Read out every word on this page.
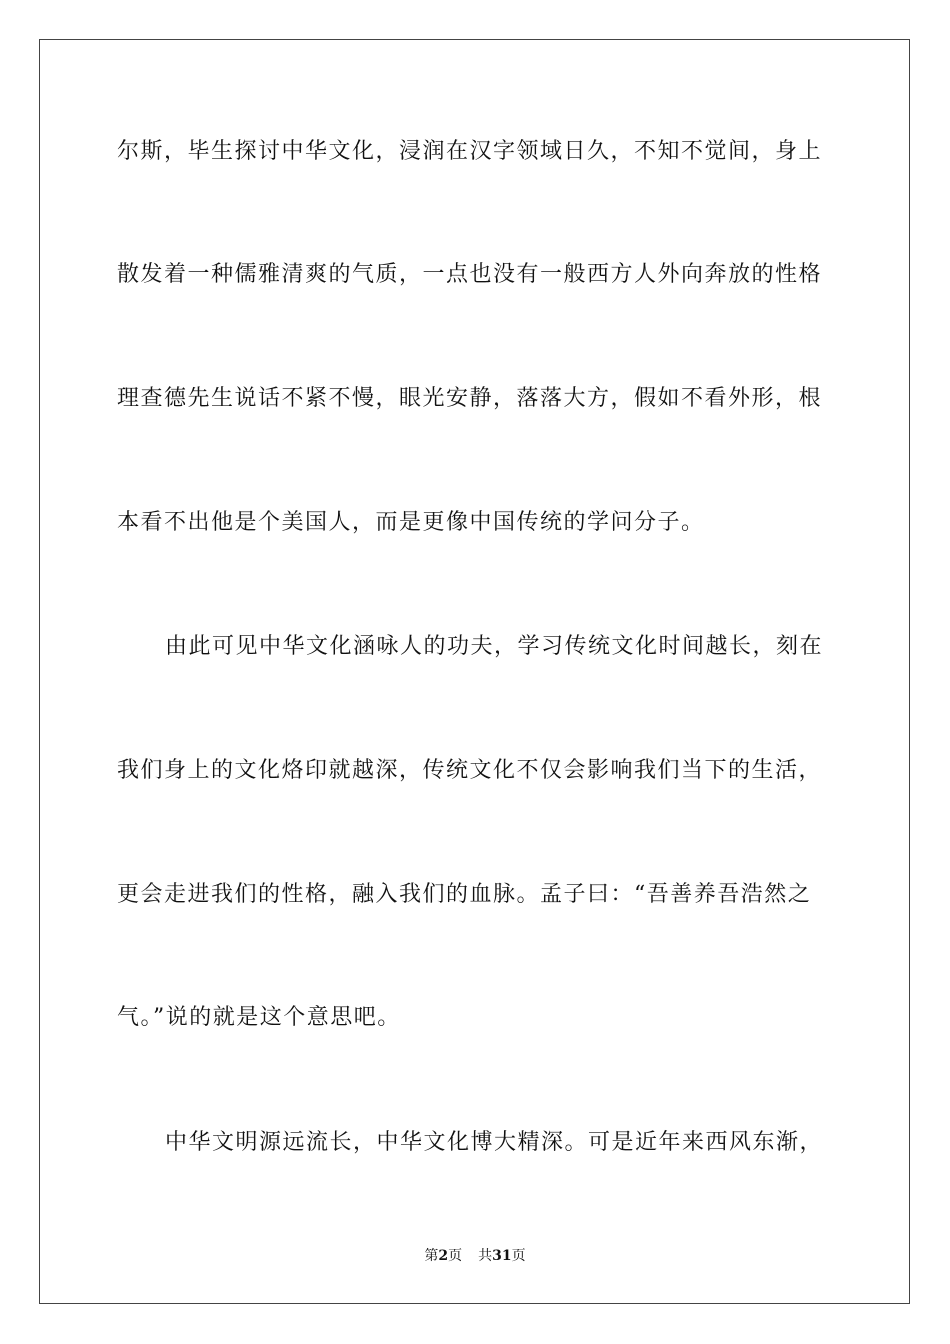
尔斯，毕生探讨中华文化，浸润在汉字领域日久，不知不觉间，身上
散发着一种儒雅清爽的气质，一点也没有一般西方人外向奔放的性格
理查德先生说话不紧不慢，眼光安静，落落大方，假如不看外形，根
本看不出他是个美国人，而是更像中国传统的学问分子。
由此可见中华文化涵咏人的功夫，学习传统文化时间越长，刻在
我们身上的文化烙印就越深，传统文化不仅会影响我们当下的生活，
更会走进我们的性格，融入我们的血脉。孟子曰：“吾善养吾浩然之
气。”说的就是这个意思吧。
中华文明源远流长，中华文化博大精深。可是近年来西风东渐，
第2页 共31页
